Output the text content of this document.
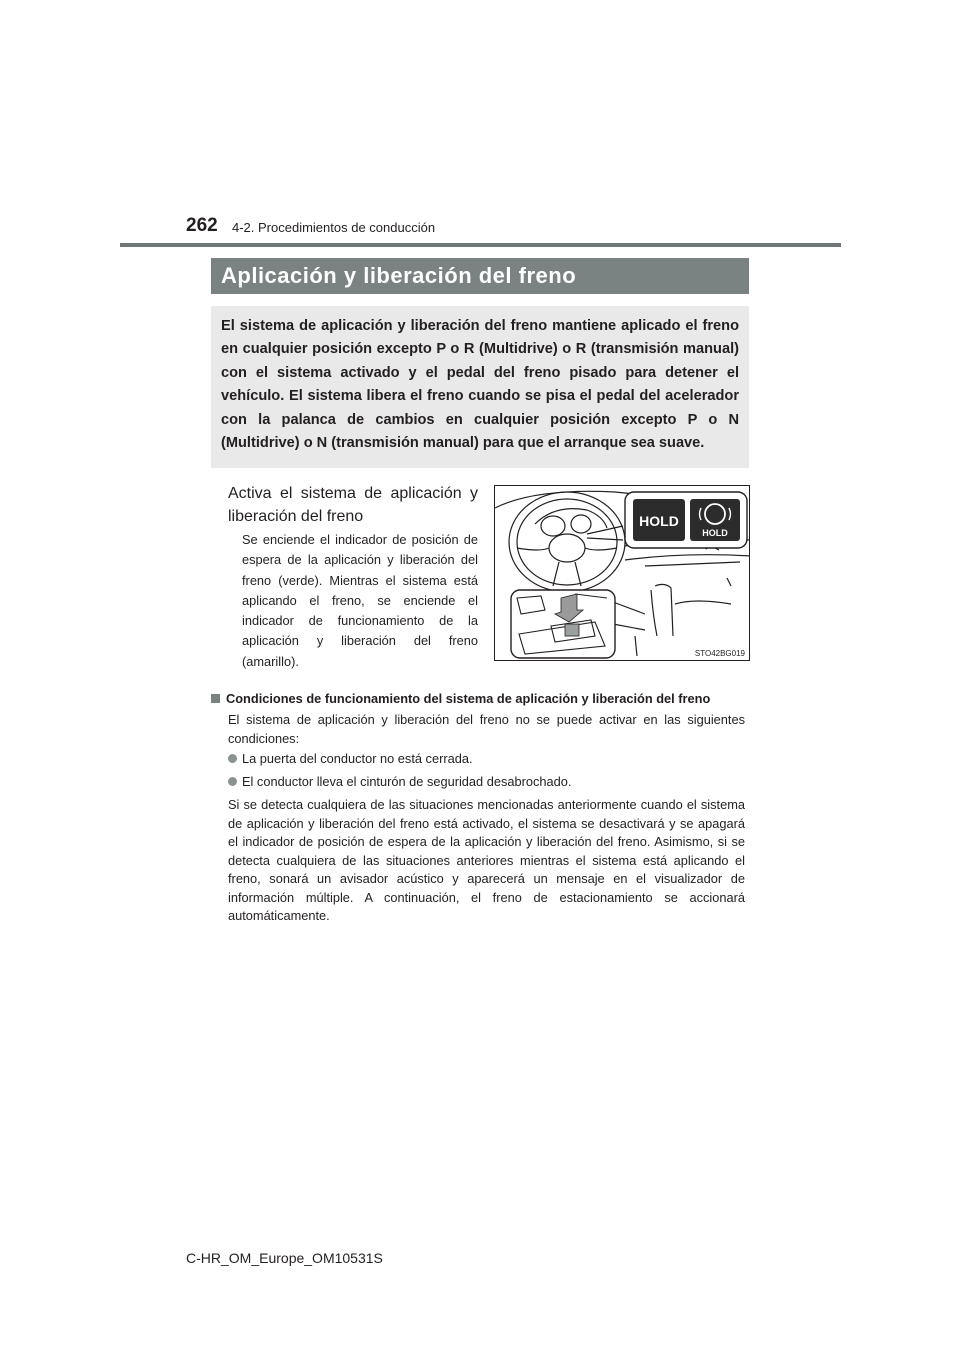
262 4-2. Procedimientos de conducción
Aplicación y liberación del freno
El sistema de aplicación y liberación del freno mantiene aplicado el freno en cualquier posición excepto P o R (Multidrive) o R (transmisión manual) con el sistema activado y el pedal del freno pisado para detener el vehículo. El sistema libera el freno cuando se pisa el pedal del acelerador con la palanca de cambios en cualquier posición excepto P o N (Multidrive) o N (transmisión manual) para que el arranque sea suave.
Activa el sistema de aplicación y liberación del freno
Se enciende el indicador de posición de espera de la aplicación y liberación del freno (verde). Mientras el sistema está aplicando el freno, se enciende el indicador de funcionamiento de la aplicación y liberación del freno (amarillo).
HOLD
HOLD
STO42BG019
Condiciones de funcionamiento del sistema de aplicación y liberación del freno
El sistema de aplicación y liberación del freno no se puede activar en las siguientes condiciones:
La puerta del conductor no está cerrada.
El conductor lleva el cinturón de seguridad desabrochado.
Si se detecta cualquiera de las situaciones mencionadas anteriormente cuando el sistema de aplicación y liberación del freno está activado, el sistema se desactivará y se apagará el indicador de posición de espera de la aplicación y liberación del freno. Asimismo, si se detecta cualquiera de las situaciones anteriores mientras el sistema está aplicando el freno, sonará un avisador acústico y aparecerá un mensaje en el visualizador de información múltiple. A continuación, el freno de estacionamiento se accionará automáticamente.
C-HR_OM_Europe_OM10531S
